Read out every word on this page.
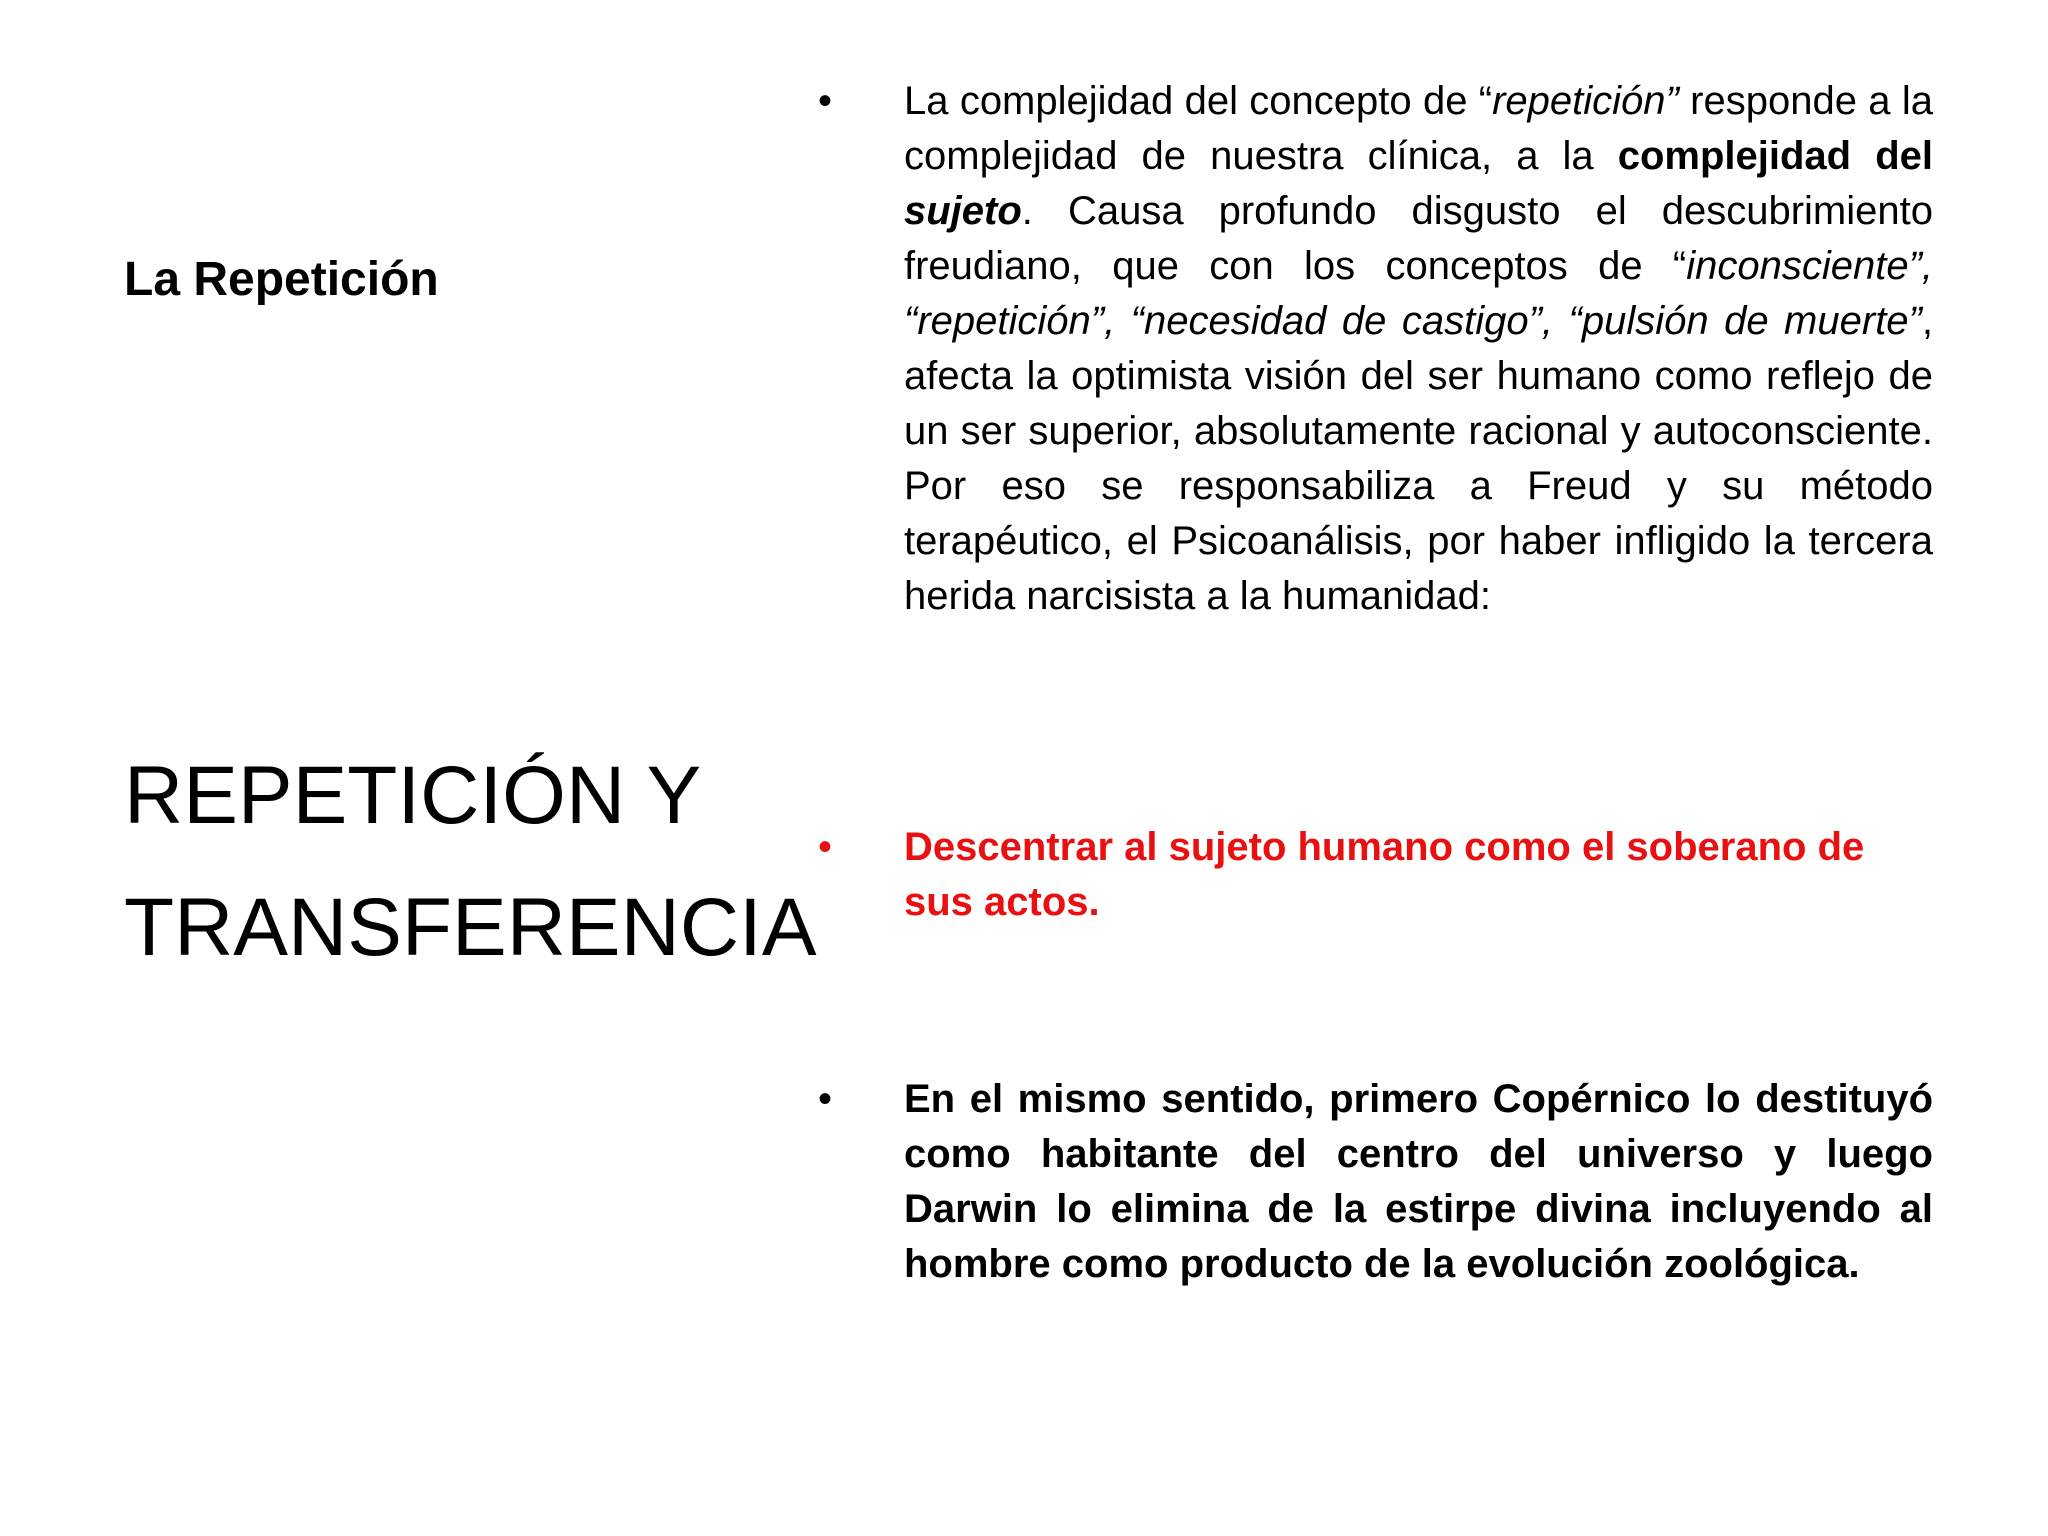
La Repetición
REPETICIÓN Y
TRANSFERENCIA
• La complejidad del concepto de “repetición” responde a la complejidad de nuestra clínica, a la complejidad del sujeto. Causa profundo disgusto el descubrimiento freudiano, que con los conceptos de “inconsciente”, “repetición”, “necesidad de castigo”, “pulsión de muerte”, afecta la optimista visión del ser humano como reflejo de un ser superior, absolutamente racional y autoconsciente. Por eso se responsabiliza a Freud y su método terapéutico, el Psicoanálisis, por haber infligido la tercera herida narcisista a la humanidad:
• Descentrar al sujeto humano como el soberano de sus actos.
• En el mismo sentido, primero Copérnico lo destituyó como habitante del centro del universo y luego Darwin lo elimina de la estirpe divina incluyendo al hombre como producto de la evolución zoológica.
